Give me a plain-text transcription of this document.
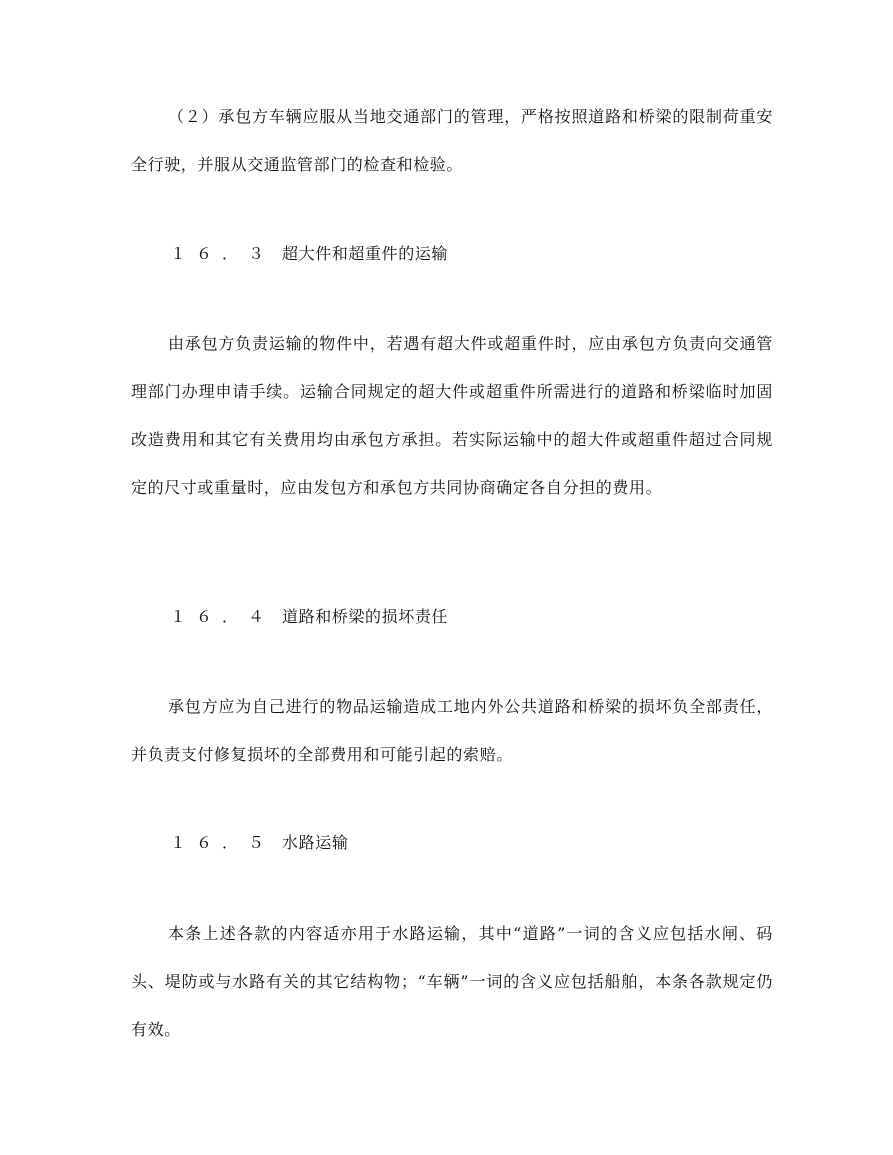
（２）承包方车辆应服从当地交通部门的管理，严格按照道路和桥梁的限制荷重安全行驶，并服从交通监管部门的检查和检验。

１６．３ 超大件和超重件的运输

由承包方负责运输的物件中，若遇有超大件或超重件时，应由承包方负责向交通管理部门办理申请手续。运输合同规定的超大件或超重件所需进行的道路和桥梁临时加固改造费用和其它有关费用均由承包方承担。若实际运输中的超大件或超重件超过合同规定的尺寸或重量时，应由发包方和承包方共同协商确定各自分担的费用。

１６．４ 道路和桥梁的损坏责任

承包方应为自己进行的物品运输造成工地内外公共道路和桥梁的损坏负全部责任，并负责支付修复损坏的全部费用和可能引起的索赔。

１６．５ 水路运输

本条上述各款的内容适亦用于水路运输，其中“道路”一词的含义应包括水闸、码头、堤防或与水路有关的其它结构物；“车辆”一词的含义应包括船舶，本条各款规定仍有效。
